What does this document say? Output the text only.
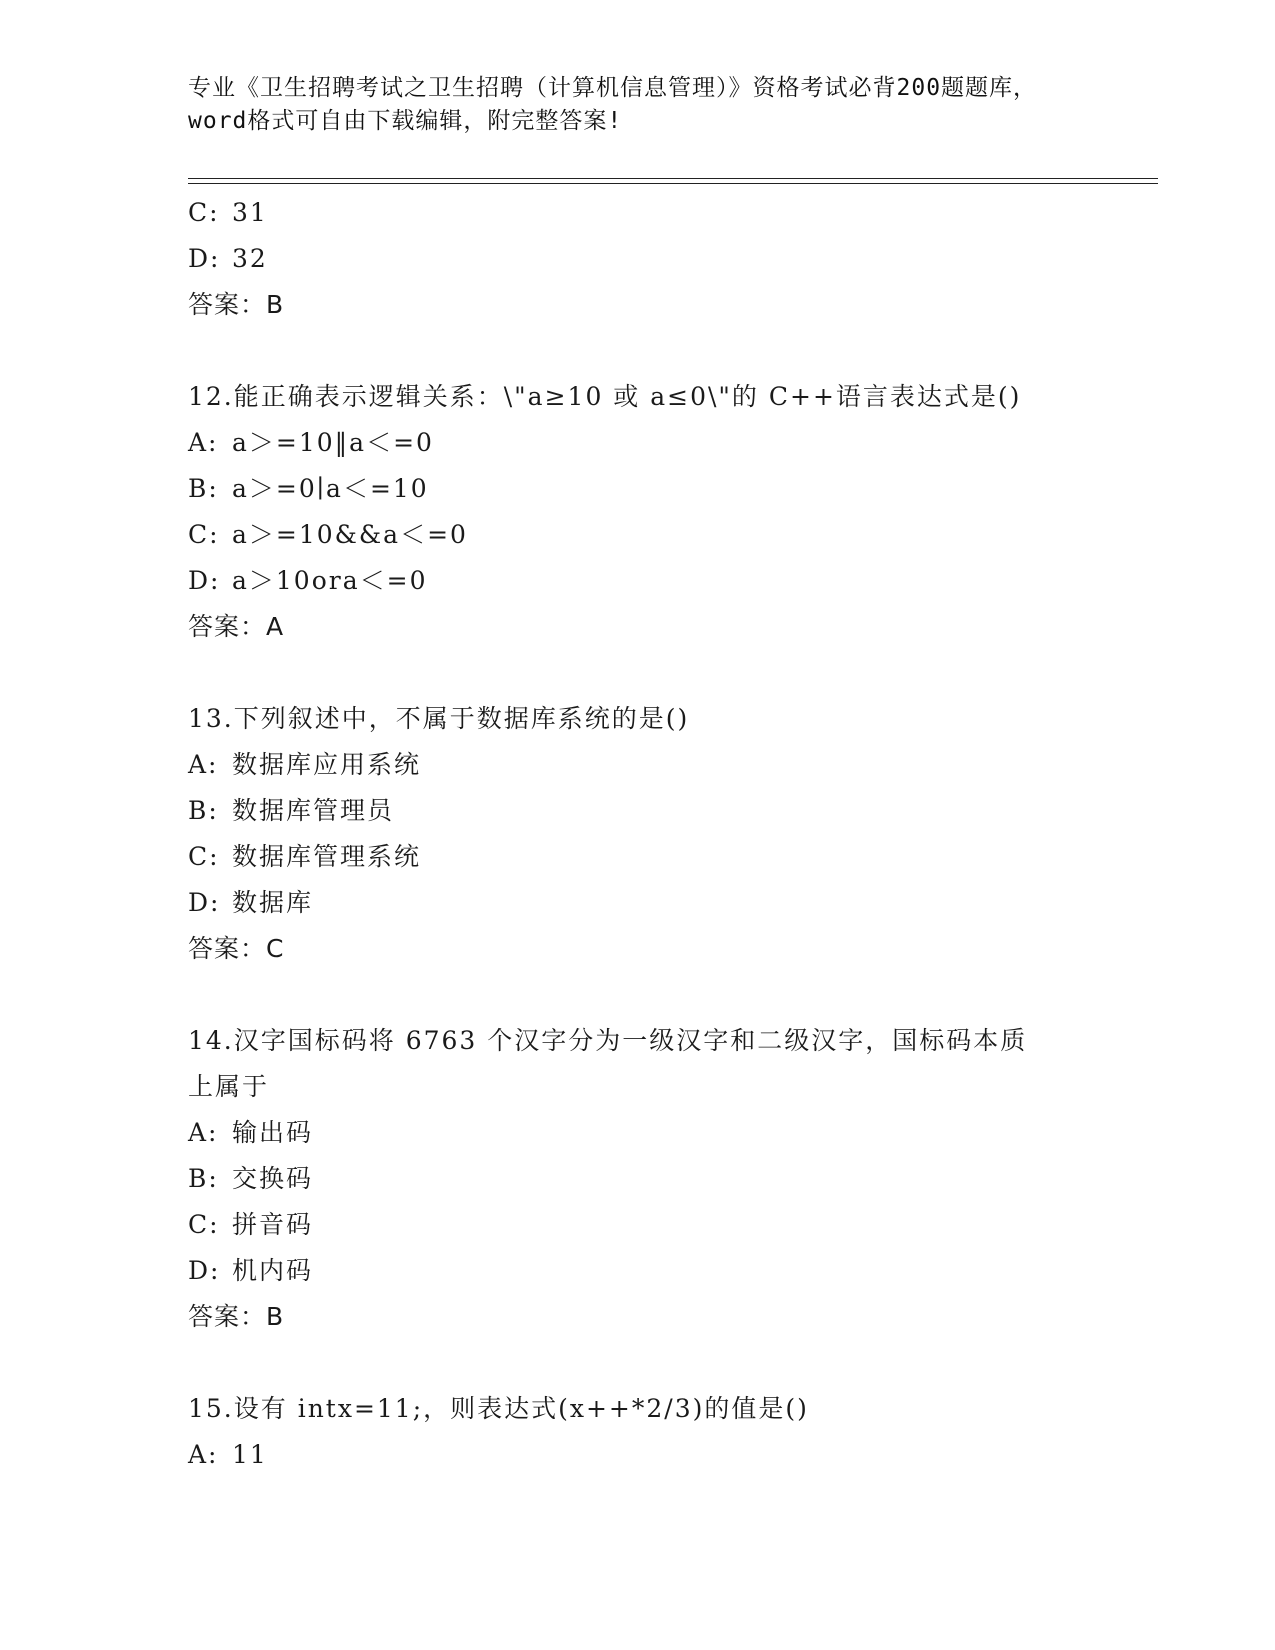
专业《卫生招聘考试之卫生招聘（计算机信息管理）》资格考试必背200题题库，
word格式可自由下载编辑，附完整答案!
C: 31
D: 32
答案：B
12.能正确表示逻辑关系：\"a≥10 或 a≤0\"的 C++语言表达式是()
A: a＞=10‖a＜=0
B: a＞=0∣a＜=10
C: a＞=10&&a＜=0
D: a＞10ora＜=0
答案：A
13.下列叙述中，不属于数据库系统的是()
A: 数据库应用系统
B: 数据库管理员
C: 数据库管理系统
D: 数据库
答案：C
14.汉字国标码将 6763 个汉字分为一级汉字和二级汉字，国标码本质
上属于
A: 输出码
B: 交换码
C: 拼音码
D: 机内码
答案：B
15.设有 intx=11;，则表达式(x++*2/3)的值是()
A: 11
